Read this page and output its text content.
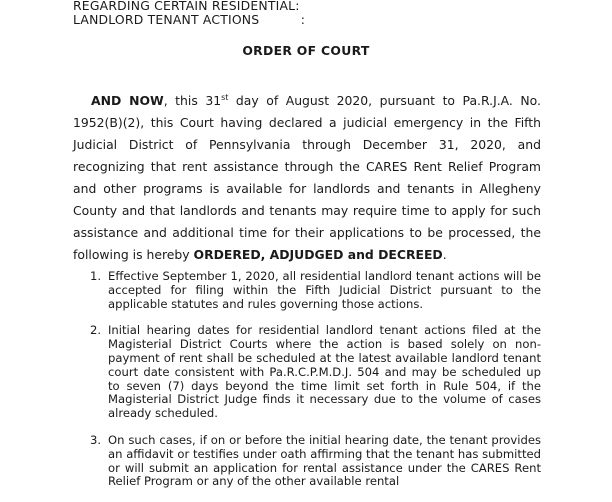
REGARDING CERTAIN RESIDENTIAL:
LANDLORD TENANT ACTIONS          :
ORDER OF COURT

AND NOW, this 31st day of August 2020, pursuant to Pa.R.J.A. No. 1952(B)(2), this Court having declared a judicial emergency in the Fifth Judicial District of Pennsylvania through December 31, 2020, and recognizing that rent assistance through the CARES Rent Relief Program and other programs is available for landlords and tenants in Allegheny County and that landlords and tenants may require time to apply for such assistance and additional time for their applications to be processed, the following is hereby ORDERED, ADJUDGED and DECREED.

1. Effective September 1, 2020, all residential landlord tenant actions will be accepted for filing within the Fifth Judicial District pursuant to the applicable statutes and rules governing those actions.
2. Initial hearing dates for residential landlord tenant actions filed at the Magisterial District Courts where the action is based solely on non-payment of rent shall be scheduled at the latest available landlord tenant court date consistent with Pa.R.C.P.M.D.J. 504 and may be scheduled up to seven (7) days beyond the time limit set forth in Rule 504, if the Magisterial District Judge finds it necessary due to the volume of cases already scheduled.
3. On such cases, if on or before the initial hearing date, the tenant provides an affidavit or testifies under oath affirming that the tenant has submitted or will submit an application for rental assistance under the CARES Rent Relief Program or any of the other available rental
